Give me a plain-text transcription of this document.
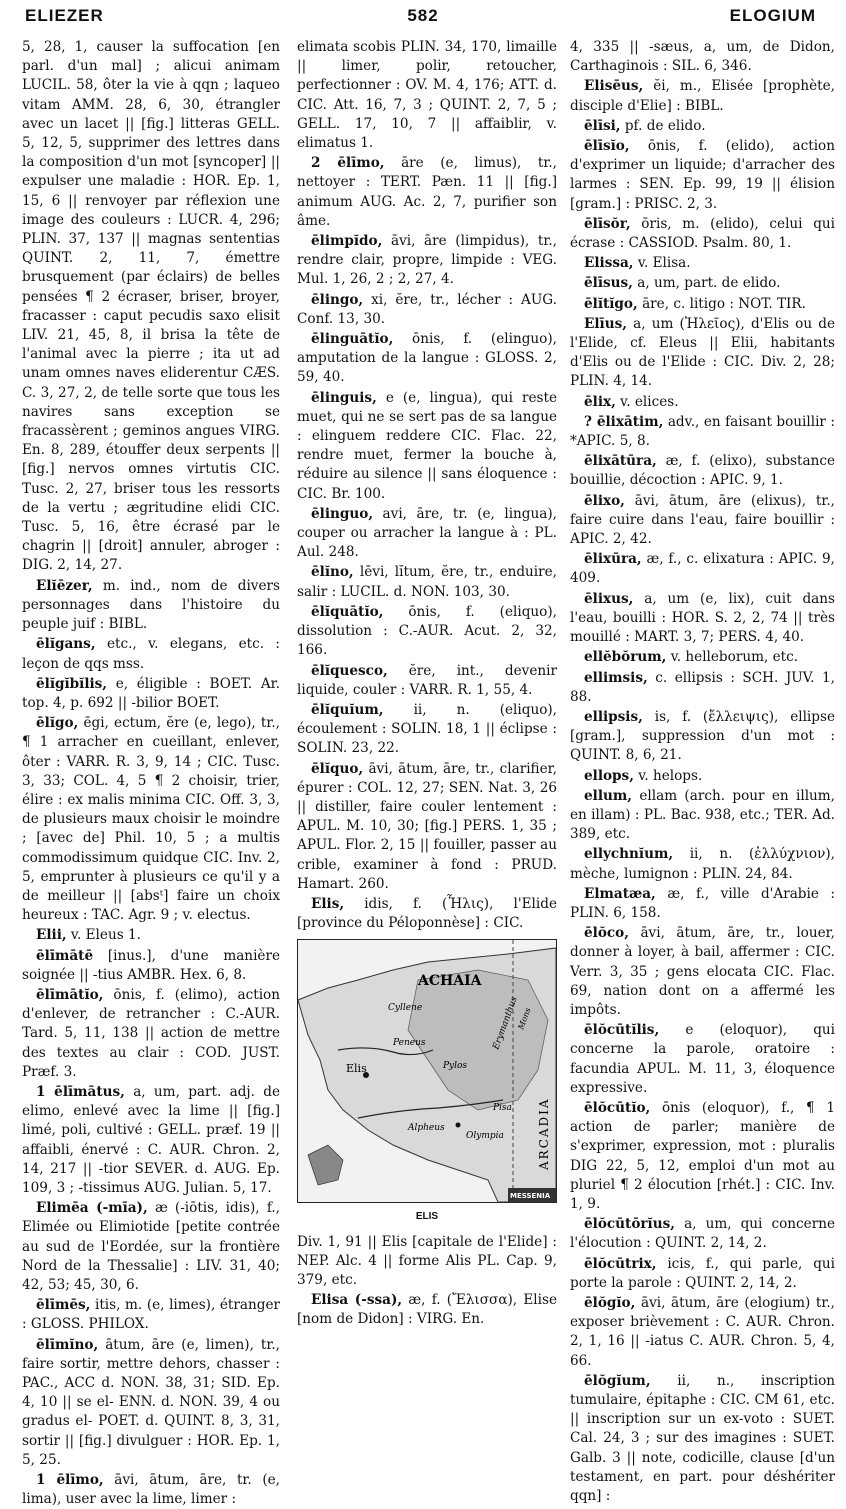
ELIEZER	582	ELOGIUM

5, 28, 1, causer la suffocation [en parl. d'un mal] ; alicui animam LUCIL. 58, ôter la vie à qqn ; laqueo vitam AMM. 28, 6, 30, étrangler avec un lacet || [fig.] litteras GELL. 5, 12, 5, supprimer des lettres dans la composition d'un mot [syncoper] || expulser une maladie : HOR. Ep. 1, 15, 6 || renvoyer par réflexion une image des couleurs : LUCR. 4, 296; PLIN. 37, 137 || magnas sententias QUINT. 2, 11, 7, émettre brusquement (par éclairs) de belles pensées ¶ 2 écraser, briser, broyer, fracasser : caput pecudis saxo elisit LIV. 21, 45, 8, il brisa la tête de l'animal avec la pierre ; ita ut ad unam omnes naves eliderentur CÆS. C. 3, 27, 2, de telle sorte que tous les navires sans exception se fracassèrent ; geminos angues VIRG. En. 8, 289, étouffer deux serpents || [fig.] nervos omnes virtutis CIC. Tusc. 2, 27, briser tous les ressorts de la vertu ; ægritudine elidi CIC. Tusc. 5, 16, être écrasé par le chagrin || [droit] annuler, abroger : DIG. 2, 14, 27.

Elĭēzer, m. ind., nom de divers personnages dans l'histoire du peuple juif : BIBL.

ēlĭgans, etc., v. elegans, etc. : leçon de qqs mss.

ēlĭgĭbĭlis, e, éligible : BOET. Ar. top. 4, p. 692 || -bilior BOET.

ēlĭgo, ēgi, ectum, ĕre (e, lego), tr., ¶ 1 arracher en cueillant, enlever, ôter : VARR. R. 3, 9, 14 ; CIC. Tusc. 3, 33; COL. 4, 5 ¶ 2 choisir, trier, élire : ex malis minima CIC. Off. 3, 3, de plusieurs maux choisir le moindre ; [avec de] Phil. 10, 5 ; a multis commodissimum quidque CIC. Inv. 2, 5, emprunter à plusieurs ce qu'il y a de meilleur || [absᵗ] faire un choix heureux : TAC. Agr. 9 ; v. electus.

Elii, v. Eleus 1.

ēlīmātē [inus.], d'une manière soignée || -tius AMBR. Hex. 6, 8.

ēlīmātĭo, ōnis, f. (elimo), action d'enlever, de retrancher : C.-AUR. Tard. 5, 11, 138 || action de mettre des textes au clair : COD. JUST. Præf. 3.

1 ēlīmātus, a, um, part. adj. de elimo, enlevé avec la lime || [fig.] limé, poli, cultivé : GELL. præf. 19 || affaibli, énervé : C. AUR. Chron. 2, 14, 217 || -tior SEVER. d. AUG. Ep. 109, 3 ; -tissimus AUG. Julian. 5, 17.

Elimēa (-mīa), æ (-iōtis, idis), f., Elimée ou Elimiotide [petite contrée au sud de l'Eordée, sur la frontière Nord de la Thessalie] : LIV. 31, 40; 42, 53; 45, 30, 6.

ēlīmēs, itis, m. (e, limes), étranger : GLOSS. PHILOX.

ēlīmĭno, ātum, āre (e, limen), tr., faire sortir, mettre dehors, chasser : PAC., ACC d. NON. 38, 31; SID. Ep. 4, 10 || se el- ENN. d. NON. 39, 4 ou gradus el- POET. d. QUINT. 8, 3, 31, sortir || [fig.] divulguer : HOR. Ep. 1, 5, 25.

1 ēlīmo, āvi, ātum, āre, tr. (e, lima), user avec la lime, limer :

elimata scobis PLIN. 34, 170, limaille || limer, polir, retoucher, perfectionner : OV. M. 4, 176; ATT. d. CIC. Att. 16, 7, 3 ; QUINT. 2, 7, 5 ; GELL. 17, 10, 7 || affaiblir, v. elimatus 1.

2 ēlīmo, āre (e, limus), tr., nettoyer : TERT. Pæn. 11 || [fig.] animum AUG. Ac. 2, 7, purifier son âme.

ēlimpĭdo, āvi, āre (limpidus), tr., rendre clair, propre, limpide : VEG. Mul. 1, 26, 2 ; 2, 27, 4.

ēlingo, xi, ĕre, tr., lécher : AUG. Conf. 13, 30.

ēlinguātĭo, ōnis, f. (elinguo), amputation de la langue : GLOSS. 2, 59, 40.

ēlinguis, e (e, lingua), qui reste muet, qui ne se sert pas de sa langue : elinguem reddere CIC. Flac. 22, rendre muet, fermer la bouche à, réduire au silence || sans éloquence : CIC. Br. 100.

ēlinguo, avi, āre, tr. (e, lingua), couper ou arracher la langue à : PL. Aul. 248.

ēlĭno, lēvi, lĭtum, ĕre, tr., enduire, salir : LUCIL. d. NON. 103, 30.

ēlĭquātĭo, ōnis, f. (eliquo), dissolution : C.-AUR. Acut. 2, 32, 166.

ēlĭquesco, ĕre, int., devenir liquide, couler : VARR. R. 1, 55, 4.

ēlĭquĭum, ii, n. (eliquo), écoulement : SOLIN. 18, 1 || éclipse : SOLIN. 23, 22.

ēlĭquo, āvi, ātum, āre, tr., clarifier, épurer : COL. 12, 27; SEN. Nat. 3, 26 || distiller, faire couler lentement : APUL. M. 10, 30; [fig.] PERS. 1, 35 ; APUL. Flor. 2, 15 || fouiller, passer au crible, examiner à fond : PRUD. Hamart. 260.

Elis, idis, f. (Ἦλις), l'Elide [province du Péloponnèse] : CIC.

ACHAIA
Cyllene
Peneus
Elis	Pylos
Erymanthus
Mons
Alpheus
Pisa
Olympia	ARCADIA
MESSENIA
ELIS

Div. 1, 91 || Elis [capitale de l'Elide] : NEP. Alc. 4 || forme Alis PL. Cap. 9, 379, etc.

Elisa (-ssa), æ, f. (Ἔλισσα), Elise [nom de Didon] : VIRG. En.

4, 335 || -sæus, a, um, de Didon, Carthaginois : SIL. 6, 346.

Elisēus, ĕi, m., Elisée [prophète, disciple d'Elie] : BIBL.

ēlīsi, pf. de elido.

ēlīsĭo, ōnis, f. (elido), action d'exprimer un liquide; d'arracher des larmes : SEN. Ep. 99, 19 || élision [gram.] : PRISC. 2, 3.

ēlīsŏr, ōris, m. (elido), celui qui écrase : CASSIOD. Psalm. 80, 1.

Elissa, v. Elisa.

ēlīsus, a, um, part. de elido.

ēlĭtĭgo, āre, c. litigo : NOT. TIR.

Elīus, a, um (Ἠλεῖος), d'Elis ou de l'Elide, cf. Eleus || Elii, habitants d'Elis ou de l'Elide : CIC. Div. 2, 28; PLIN. 4, 14.

ēlix, v. elices.

? ēlixātim, adv., en faisant bouillir : *APIC. 5, 8.

ēlixātūra, æ, f. (elixo), substance bouillie, décoction : APIC. 9, 1.

ēlixo, āvi, ātum, āre (elixus), tr., faire cuire dans l'eau, faire bouillir : APIC. 2, 42.

ēlixūra, æ, f., c. elixatura : APIC. 9, 409.

ēlixus, a, um (e, lix), cuit dans l'eau, bouilli : HOR. S. 2, 2, 74 || très mouillé : MART. 3, 7; PERS. 4, 40.

ellĕbŏrum, v. helleborum, etc.

ellimsis, c. ellipsis : SCH. JUV. 1, 88.

ellipsis, is, f. (ἔλλειψις), ellipse [gram.], suppression d'un mot : QUINT. 8, 6, 21.

ellops, v. helops.

ellum, ellam (arch. pour en illum, en illam) : PL. Bac. 938, etc.; TER. Ad. 389, etc.

ellychnĭum, ii, n. (ἐλλύχνιον), mèche, lumignon : PLIN. 24, 84.

Elmatæa, æ, f., ville d'Arabie : PLIN. 6, 158.

ēlŏco, āvi, ātum, āre, tr., louer, donner à loyer, à bail, affermer : CIC. Verr. 3, 35 ; gens elocata CIC. Flac. 69, nation dont on a affermé les impôts.

ēlŏcūtĭlis, e (eloquor), qui concerne la parole, oratoire : facundia APUL. M. 11, 3, éloquence expressive.

ēlŏcūtĭo, ōnis (eloquor), f., ¶ 1 action de parler; manière de s'exprimer, expression, mot : pluralis DIG 22, 5, 12, emploi d'un mot au pluriel ¶ 2 élocution [rhét.] : CIC. Inv. 1, 9.

ēlŏcūtōrĭus, a, um, qui concerne l'élocution : QUINT. 2, 14, 2.

ēlŏcūtrix, icis, f., qui parle, qui porte la parole : QUINT. 2, 14, 2.

ēlŏgĭo, āvi, ātum, āre (elogium) tr., exposer brièvement : C. AUR. Chron. 2, 1, 16 || -iatus C. AUR. Chron. 5, 4, 66.

ēlŏgĭum, ii, n., inscription tumulaire, épitaphe : CIC. CM 61, etc. || inscription sur un ex-voto : SUET. Cal. 24, 3 ; sur des imagines : SUET. Galb. 3 || note, codicille, clause [d'un testament, en part. pour déshériter qqn] :
